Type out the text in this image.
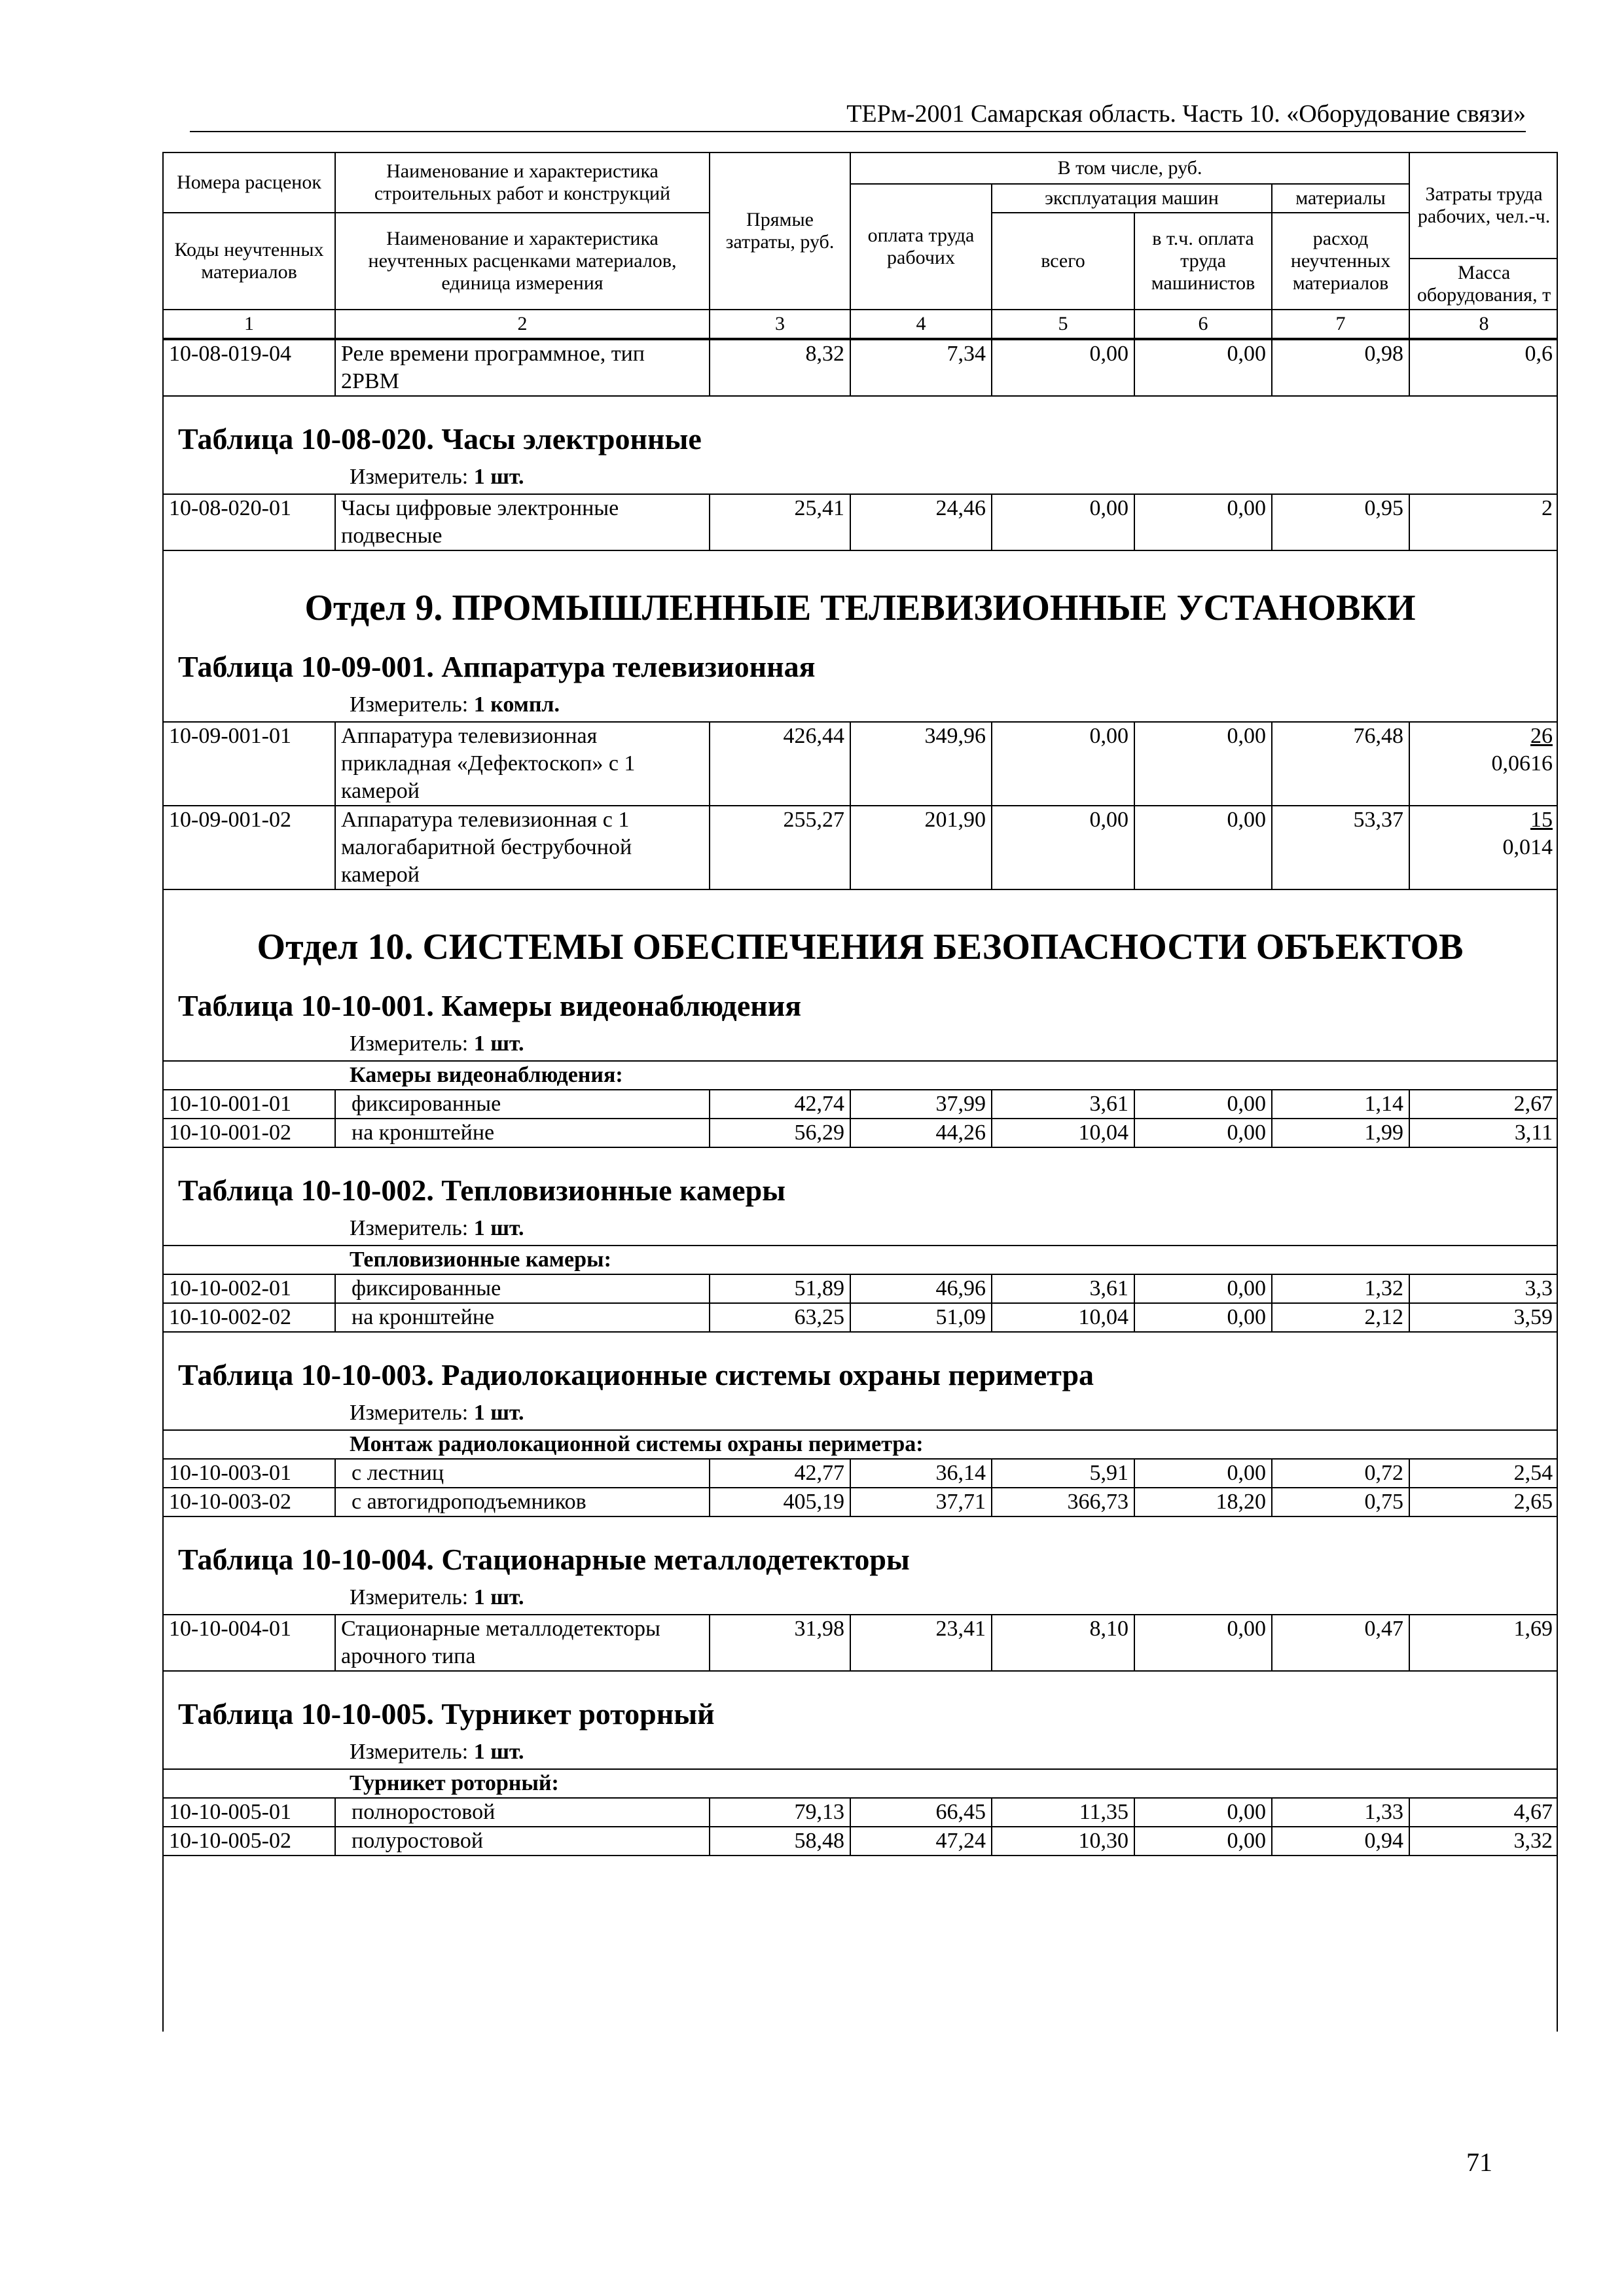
ТЕРм-2001 Самарская область. Часть 10. «Оборудование связи»
Номера расценок	Наименование и характеристика строительных работ и конструкций	Прямые затраты, руб.	В том числе, руб.				Затраты труда рабочих, чел.-ч.
			оплата труда рабочих	эксплуатация машин		материалы	
Коды неучтенных материалов	Наименование и характеристика неучтенных расценками материалов, единица измерения			всего	в т.ч. оплата труда машинистов	расход неучтенных материалов	
							Масса оборудования, т
1	2	3	4	5	6	7	8
10-08-019-04	Реле времени программное, тип 2РВМ	8,32	7,34	0,00	0,00	0,98	0,6
Таблица 10-08-020. Часы электронные
Измеритель: 1 шт.
10-08-020-01	Часы цифровые электронные подвесные	25,41	24,46	0,00	0,00	0,95	2
Отдел 9. ПРОМЫШЛЕННЫЕ ТЕЛЕВИЗИОННЫЕ УСТАНОВКИ
Таблица 10-09-001. Аппаратура телевизионная
Измеритель: 1 компл.
10-09-001-01	Аппаратура телевизионная прикладная «Дефектоскоп» с 1 камерой	426,44	349,96	0,00	0,00	76,48	26
0,0616

10-09-001-02	Аппаратура телевизионная с 1 малогабаритной беструбочной камерой	255,27	201,90	0,00	0,00	53,37	15
0,014
Отдел 10. СИСТЕМЫ ОБЕСПЕЧЕНИЯ БЕЗОПАСНОСТИ ОБЪЕКТОВ
Таблица 10-10-001. Камеры видеонаблюдения
Измеритель: 1 шт.
Камеры видеонаблюдения:							
10-10-001-01	фиксированные	42,74	37,99	3,61	0,00	1,14	2,67
10-10-001-02	на кронштейне	56,29	44,26	10,04	0,00	1,99	3,11
Таблица 10-10-002. Тепловизионные камеры
Измеритель: 1 шт.
Тепловизионные камеры:							
10-10-002-01	фиксированные	51,89	46,96	3,61	0,00	1,32	3,3
10-10-002-02	на кронштейне	63,25	51,09	10,04	0,00	2,12	3,59
Таблица 10-10-003. Радиолокационные системы охраны периметра
Измеритель: 1 шт.
Монтаж радиолокационной системы охраны периметра:							
10-10-003-01	с лестниц	42,77	36,14	5,91	0,00	0,72	2,54
10-10-003-02	с автогидроподъемников	405,19	37,71	366,73	18,20	0,75	2,65
Таблица 10-10-004. Стационарные металлодетекторы
Измеритель: 1 шт.
10-10-004-01	Стационарные металлодетекторы арочного типа	31,98	23,41	8,10	0,00	0,47	1,69
Таблица 10-10-005. Турникет роторный
Измеритель: 1 шт.
Турникет роторный:							
10-10-005-01	полноростовой	79,13	66,45	11,35	0,00	1,33	4,67
10-10-005-02	полуростовой	58,48	47,24	10,30	0,00	0,94	3,32
71
